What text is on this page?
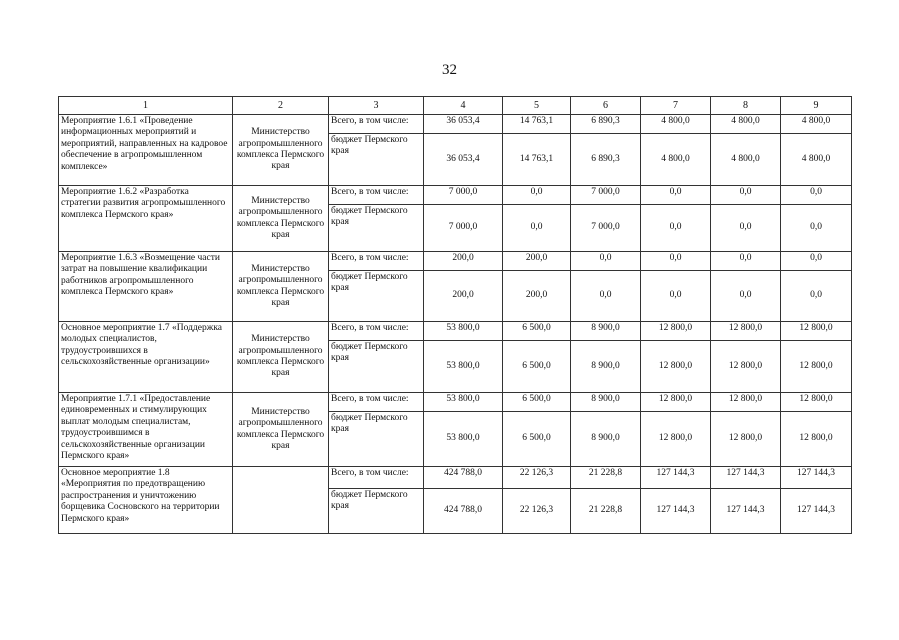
32
1	2	3	4	5	6	7	8	9
Мероприятие 1.6.1 «Проведение информационных мероприятий и мероприятий, направленных на кадровое обеспечение в агропромышленном комплексе»	Министерство агропромышленного комплекса Пермского края	Всего, в том числе:	36 053,4	14 763,1	6 890,3	4 800,0	4 800,0	4 800,0
		бюджет Пермского края	36 053,4	14 763,1	6 890,3	4 800,0	4 800,0	4 800,0
Мероприятие 1.6.2 «Разработка стратегии развития агропромышленного комплекса Пермского края»	Министерство агропромышленного комплекса Пермского края	Всего, в том числе:	7 000,0	0,0	7 000,0	0,0	0,0	0,0
		бюджет Пермского края	7 000,0	0,0	7 000,0	0,0	0,0	0,0
Мероприятие 1.6.3 «Возмещение части затрат на повышение квалификации работников агропромышленного комплекса Пермского края»	Министерство агропромышленного комплекса Пермского края	Всего, в том числе:	200,0	200,0	0,0	0,0	0,0	0,0
		бюджет Пермского края	200,0	200,0	0,0	0,0	0,0	0,0
Основное мероприятие 1.7 «Поддержка молодых специалистов, трудоустроившихся в сельскохозяйственные организации»	Министерство агропромышленного комплекса Пермского края	Всего, в том числе:	53 800,0	6 500,0	8 900,0	12 800,0	12 800,0	12 800,0
		бюджет Пермского края	53 800,0	6 500,0	8 900,0	12 800,0	12 800,0	12 800,0
Мероприятие 1.7.1 «Предоставление единовременных и стимулирующих выплат молодым специалистам, трудоустроившимся в сельскохозяйственные организации Пермского края»	Министерство агропромышленного комплекса Пермского края	Всего, в том числе:	53 800,0	6 500,0	8 900,0	12 800,0	12 800,0	12 800,0
		бюджет Пермского края	53 800,0	6 500,0	8 900,0	12 800,0	12 800,0	12 800,0
Основное мероприятие 1.8 «Мероприятия по предотвращению распространения и уничтожению борщевика Сосновского на территории Пермского края»		Всего, в том числе:	424 788,0	22 126,3	21 228,8	127 144,3	127 144,3	127 144,3
		бюджет Пермского края	424 788,0	22 126,3	21 228,8	127 144,3	127 144,3	127 144,3
